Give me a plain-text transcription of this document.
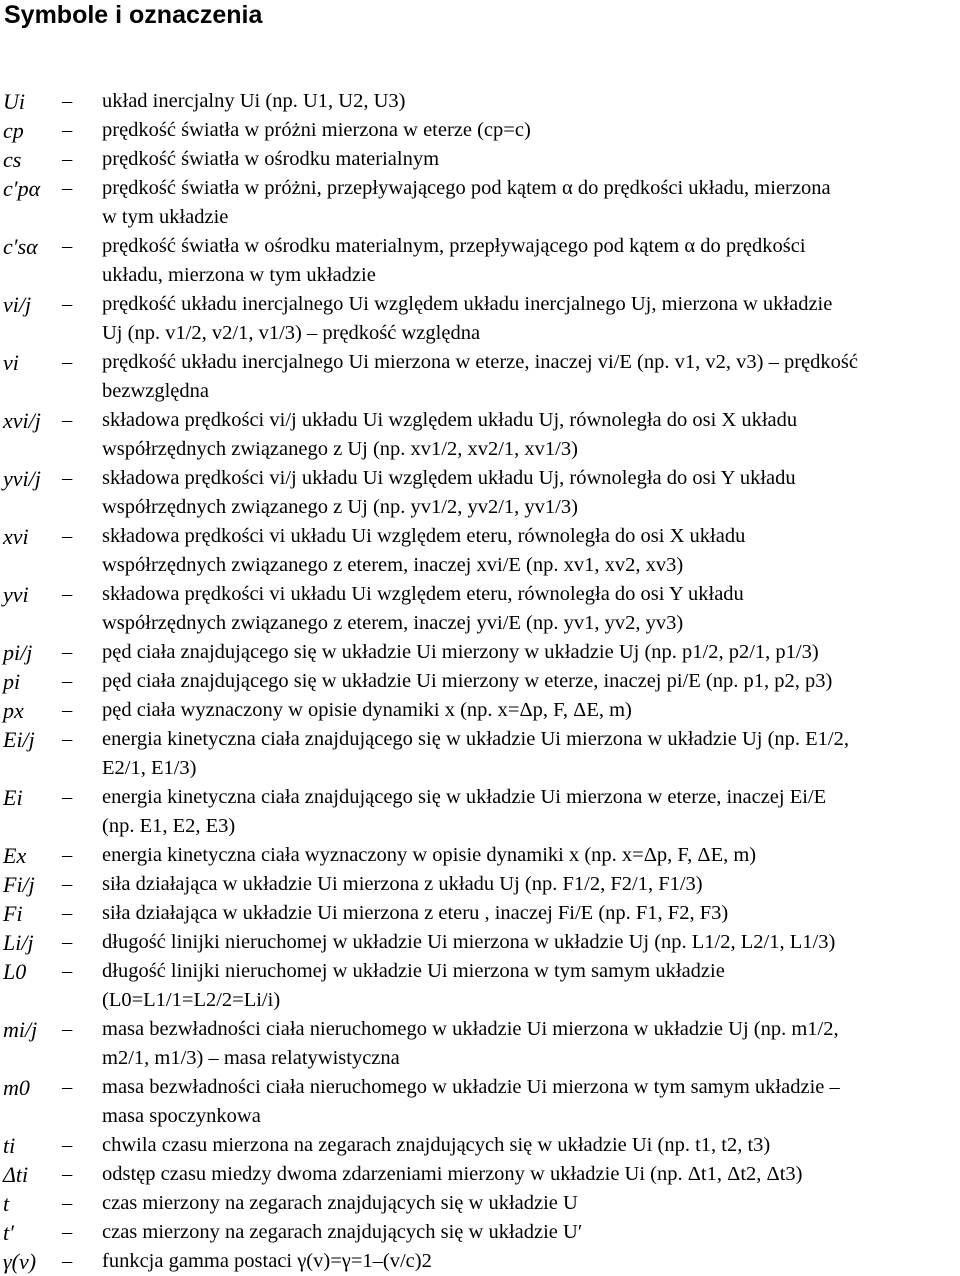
Symbole i oznaczenia
Ui	–	układ inercjalny Ui (np. U1, U2, U3)
cp	–	prędkość światła w próżni mierzona w eterze (cp=c)
cs	–	prędkość światła w ośrodku materialnym
c′pα	–	prędkość światła w próżni, przepływającego pod kątem α do prędkości układu, mierzona
w tym układzie
c′sα	–	prędkość światła w ośrodku materialnym, przepływającego pod kątem α do prędkości
układu, mierzona w tym układzie
vi/j	–	prędkość układu inercjalnego Ui względem układu inercjalnego Uj, mierzona w układzie
Uj (np. v1/2, v2/1, v1/3) – prędkość względna
vi	–	prędkość układu inercjalnego Ui mierzona w eterze, inaczej vi/E (np. v1, v2, v3) – prędkość
bezwzględna
xvi/j	–	składowa prędkości vi/j układu Ui względem układu Uj, równoległa do osi X układu
współrzędnych związanego z Uj (np. xv1/2, xv2/1, xv1/3)
yvi/j	–	składowa prędkości vi/j układu Ui względem układu Uj, równoległa do osi Y układu
współrzędnych związanego z Uj (np. yv1/2, yv2/1, yv1/3)
xvi	–	składowa prędkości vi układu Ui względem eteru, równoległa do osi X układu
współrzędnych związanego z eterem, inaczej xvi/E (np. xv1, xv2, xv3)
yvi	–	składowa prędkości vi układu Ui względem eteru, równoległa do osi Y układu
współrzędnych związanego z eterem, inaczej yvi/E (np. yv1, yv2, yv3)
pi/j	–	pęd ciała znajdującego się w układzie Ui mierzony w układzie Uj (np. p1/2, p2/1, p1/3)
pi	–	pęd ciała znajdującego się w układzie Ui mierzony w eterze, inaczej pi/E (np. p1, p2, p3)
px	–	pęd ciała wyznaczony w opisie dynamiki x (np. x=Δp, F, ΔE, m)
Ei/j	–	energia kinetyczna ciała znajdującego się w układzie Ui mierzona w układzie Uj (np. E1/2,
E2/1, E1/3)
Ei	–	energia kinetyczna ciała znajdującego się w układzie Ui mierzona w eterze, inaczej Ei/E
(np. E1, E2, E3)
Ex	–	energia kinetyczna ciała wyznaczony w opisie dynamiki x (np. x=Δp, F, ΔE, m)
Fi/j	–	siła działająca w układzie Ui mierzona z układu Uj (np. F1/2, F2/1, F1/3)
Fi	–	siła działająca w układzie Ui mierzona z eteru , inaczej Fi/E (np. F1, F2, F3)
Li/j	–	długość linijki nieruchomej w układzie Ui mierzona w układzie Uj (np. L1/2, L2/1, L1/3)
L0	–	długość linijki nieruchomej w układzie Ui mierzona w tym samym układzie
(L0=L1/1=L2/2=Li/i)
mi/j	–	masa bezwładności ciała nieruchomego w układzie Ui mierzona w układzie Uj (np. m1/2,
m2/1, m1/3) – masa relatywistyczna
m0	–	masa bezwładności ciała nieruchomego w układzie Ui mierzona w tym samym układzie –
masa spoczynkowa
ti	–	chwila czasu mierzona na zegarach znajdujących się w układzie Ui (np. t1, t2, t3)
Δti	–	odstęp czasu miedzy dwoma zdarzeniami mierzony w układzie Ui (np. Δt1, Δt2, Δt3)
t	–	czas mierzony na zegarach znajdujących się w układzie U
t′	–	czas mierzony na zegarach znajdujących się w układzie U′
γ(v)	–	funkcja gamma postaci γ(v)=γ=1–(v/c)2
